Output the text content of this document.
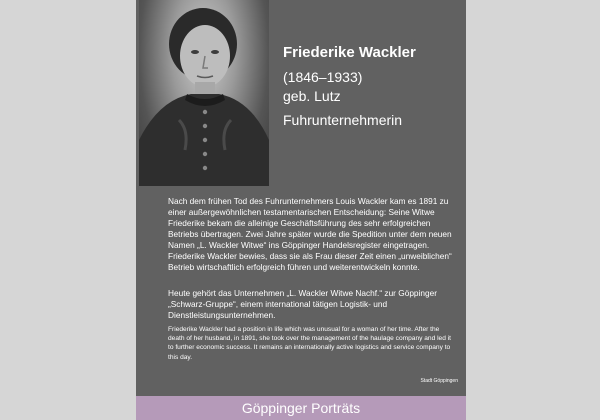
Friederike Wackler
(1846–1933)
geb. Lutz
Fuhrunternehmerin

Nach dem frühen Tod des Fuhrunternehmers Louis Wackler kam es 1891 zu einer außergewöhnlichen testamentarischen Entscheidung: Seine Witwe Friederike bekam die alleinige Geschäftsführung des sehr erfolgreichen Betriebs übertragen. Zwei Jahre später wurde die Spedition unter dem neuen Namen „L. Wackler Witwe“ ins Göppinger Handelsregister eingetragen. Friederike Wackler bewies, dass sie als Frau dieser Zeit einen „unweiblichen“ Betrieb wirtschaftlich erfolgreich führen und weiterentwickeln konnte.

Heute gehört das Unternehmen „L. Wackler Witwe Nachf.“ zur Göppinger „Schwarz-Gruppe“, einem international tätigen Logistik- und Dienstleistungsunternehmen.

Friederike Wackler had a position in life which was unusual for a woman of her time. After the death of her husband, in 1891, she took over the management of the haulage company and led it to further economic success. It remains an internationally active logistics and service company to this day.

Stadt Göppingen
Göppinger Porträts
